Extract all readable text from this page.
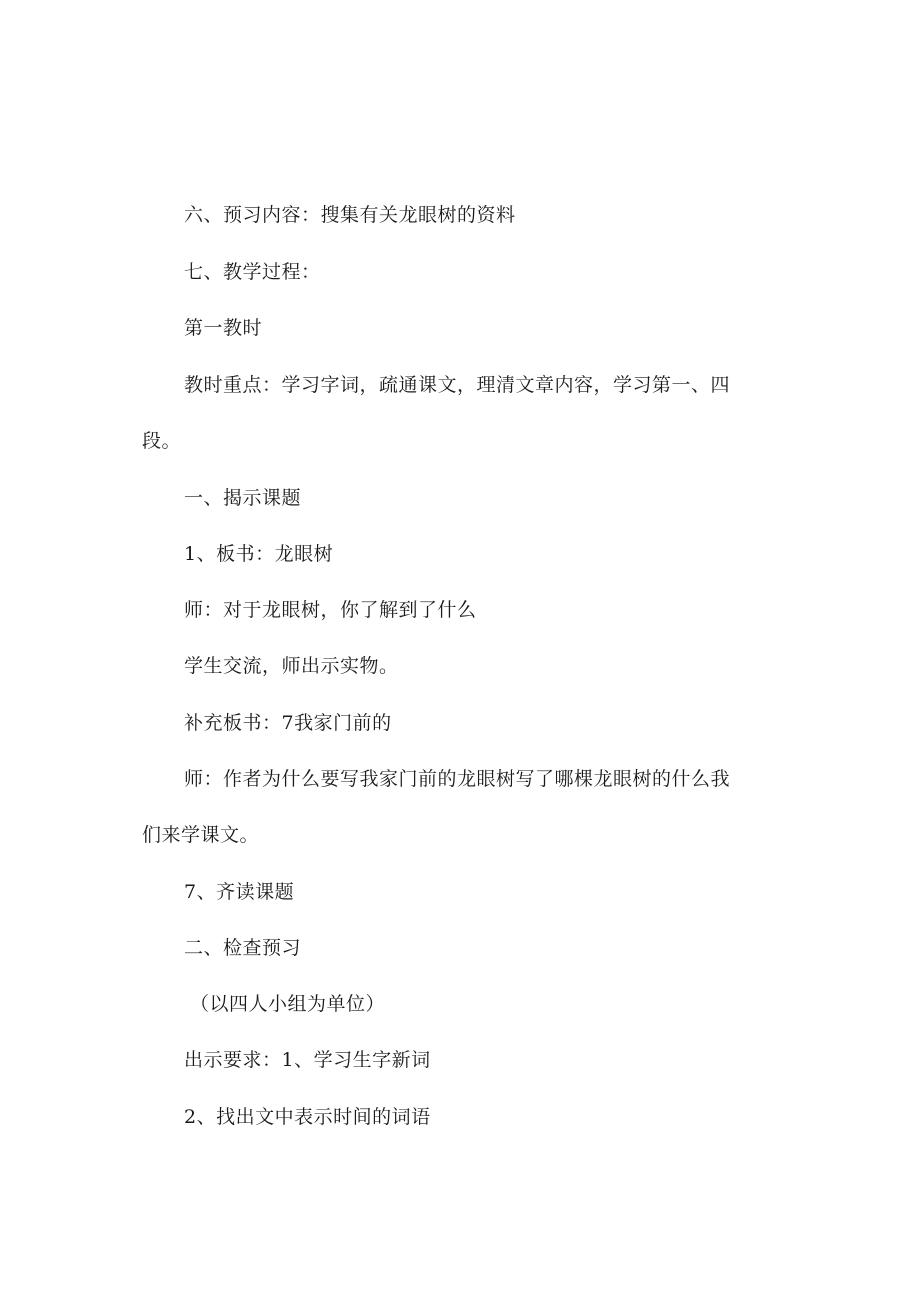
六、预习内容：搜集有关龙眼树的资料
七、教学过程：
第一教时
教时重点：学习字词，疏通课文，理清文章内容，学习第一、四
段。
一、揭示课题
1、板书：龙眼树
师：对于龙眼树，你了解到了什么
学生交流，师出示实物。
补充板书：7我家门前的
师：作者为什么要写我家门前的龙眼树写了哪棵龙眼树的什么我
们来学课文。
7、齐读课题
二、检查预习
（以四人小组为单位）
出示要求：1、学习生字新词
2、找出文中表示时间的词语
